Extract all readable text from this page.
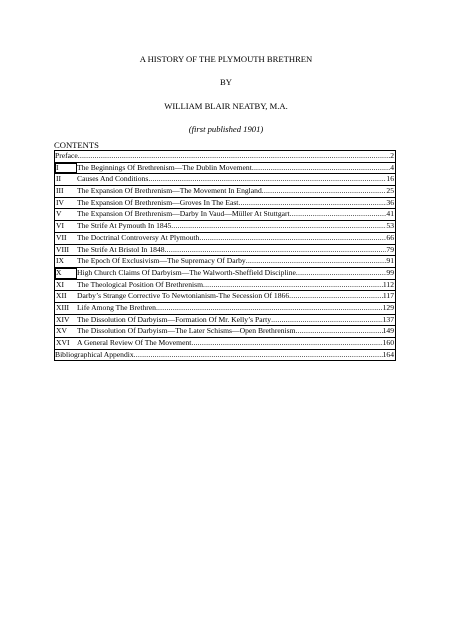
A HISTORY OF THE PLYMOUTH BRETHREN
BY
WILLIAM BLAIR NEATBY, M.A.
(first published 1901)
CONTENTS
Preface .....	2
I	The Beginnings Of Brethrenism—The Dublin Movement .....	4
II	Causes And Conditions .....	16
III	The Expansion Of Brethrenism—The Movement In England .....	25
IV	The Expansion Of Brethrenism—Groves In The East .....	36
V	The Expansion Of Brethrenism—Darby In Vaud—Müller At Stuttgart .....	41
VI	The Strife At Pymouth In 1845 .....	53
VII	The Doctrinal Controversy At Plymouth .....	66
VIII	The Strife At Bristol In 1848 .....	79
IX	The Epoch Of Exclusivism—The Supremacy Of Darby .....	91
X	High Church Claims Of Darbyism—The Walworth-Sheffield Discipline .....	99
XI	The Theological Position Of Brethrenism .....	112
XII	Darby’s Strange Corrective To Newtonianism-The Secession Of 1866 .....	117
XIII	Life Among The Brethren .....	129
XIV The Dissolution Of Darbyism—Formation Of Mr. Kelly’s Party .....	137
XV	The Dissolution Of Darbyism—The Later Schisms—Open Brethrenism .....	149
XVI A General Review Of The Movement .....	160
Bibliographical Appendix .....	164
